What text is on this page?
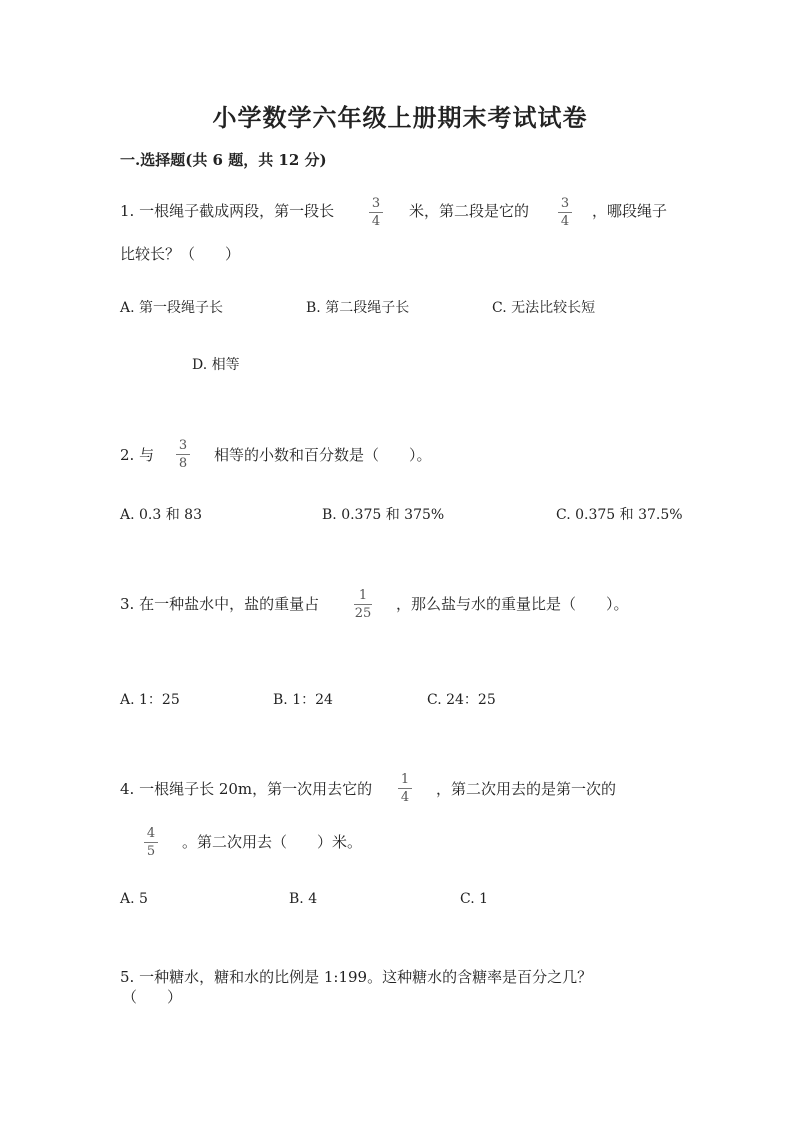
小学数学六年级上册期末考试试卷
一.选择题(共 6 题，共 12 分)
1. 一根绳子截成两段，第一段长	3
4
米，第二段是它的 3
4
，哪段绳子
比较长？（　　）
A. 第一段绳子长	B. 第二段绳子长	C. 无法比较长短
D. 相等
2. 与
3
8 相等的小数和百分数是（　　）。
A. 0.3 和 83	B. 0.375 和 375%	C. 0.375 和 37.5%
3. 在一种盐水中，盐的重量占	1
25
，那么盐与水的重量比是（　　）。
A. 1：25	B. 1：24	C. 24：25
4. 一根绳子长 20m，第一次用去它的
1
4 ，第二次用去的是第一次的
4
5
。第二次用去（　　）米。
A. 5	B. 4	C. 1
5. 一种糖水，糖和水的比例是 1:199。这种糖水的含糖率是百分之几？
（　　）
